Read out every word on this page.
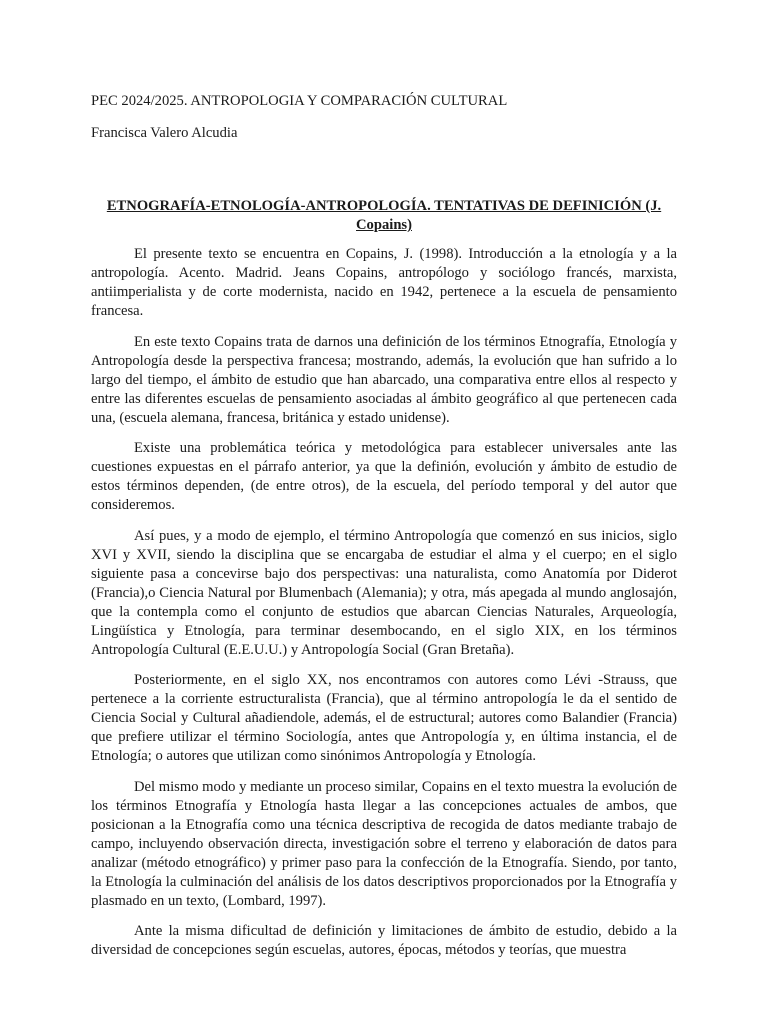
PEC 2024/2025. ANTROPOLOGIA Y COMPARACIÓN CULTURAL

Francisca Valero Alcudia

ETNOGRAFÍA-ETNOLOGÍA-ANTROPOLOGÍA. TENTATIVAS DE DEFINICIÓN (J. Copains)

El presente texto se encuentra en Copains, J. (1998). Introducción a la etnología y a la antropología. Acento. Madrid. Jeans Copains, antropólogo y sociólogo francés, marxista, antiimperialista y de corte modernista, nacido en 1942, pertenece a la escuela de pensamiento francesa.

En este texto Copains trata de darnos una definición de los términos Etnografía, Etnología y Antropología desde la perspectiva francesa; mostrando, además, la evolución que han sufrido a lo largo del tiempo, el ámbito de estudio que han abarcado, una comparativa entre ellos al respecto y entre las diferentes escuelas de pensamiento asociadas al ámbito geográfico al que pertenecen cada una, (escuela alemana, francesa, británica y estado unidense).

Existe una problemática teórica y metodológica para establecer universales ante las cuestiones expuestas en el párrafo anterior, ya que la definión, evolución y ámbito de estudio de estos términos dependen, (de entre otros), de la escuela, del período temporal y del autor que consideremos.

Así pues, y a modo de ejemplo, el término Antropología que comenzó en sus inicios, siglo XVI y XVII, siendo la disciplina que se encargaba de estudiar el alma y el cuerpo; en el siglo siguiente pasa a concevirse bajo dos perspectivas: una naturalista, como Anatomía por Diderot (Francia),o Ciencia Natural por Blumenbach (Alemania); y otra, más apegada al mundo anglosajón, que la contempla como el conjunto de estudios que abarcan Ciencias Naturales, Arqueología, Lingüística y Etnología, para terminar desembocando, en el siglo XIX, en los términos Antropología Cultural (E.E.U.U.) y Antropología Social (Gran Bretaña).

Posteriormente, en el siglo XX, nos encontramos con autores como Lévi -Strauss, que pertenece a la corriente estructuralista (Francia), que al término antropología le da el sentido de Ciencia Social y Cultural añadiendole, además, el de estructural; autores como Balandier (Francia) que prefiere utilizar el término Sociología, antes que Antropología y, en última instancia, el de Etnología; o autores que utilizan como sinónimos Antropología y Etnología.

Del mismo modo y mediante un proceso similar, Copains en el texto muestra la evolución de los términos Etnografía y Etnología hasta llegar a las concepciones actuales de ambos, que posicionan a la Etnografía como una técnica descriptiva de recogida de datos mediante trabajo de campo, incluyendo observación directa, investigación sobre el terreno y elaboración de datos para analizar (método etnográfico) y primer paso para la confección de la Etnografía. Siendo, por tanto, la Etnología la culminación del análisis de los datos descriptivos proporcionados por la Etnografía y plasmado en un texto, (Lombard, 1997).

Ante la misma dificultad de definición y limitaciones de ámbito de estudio, debido a la diversidad de concepciones según escuelas, autores, épocas, métodos y teorías, que muestra
